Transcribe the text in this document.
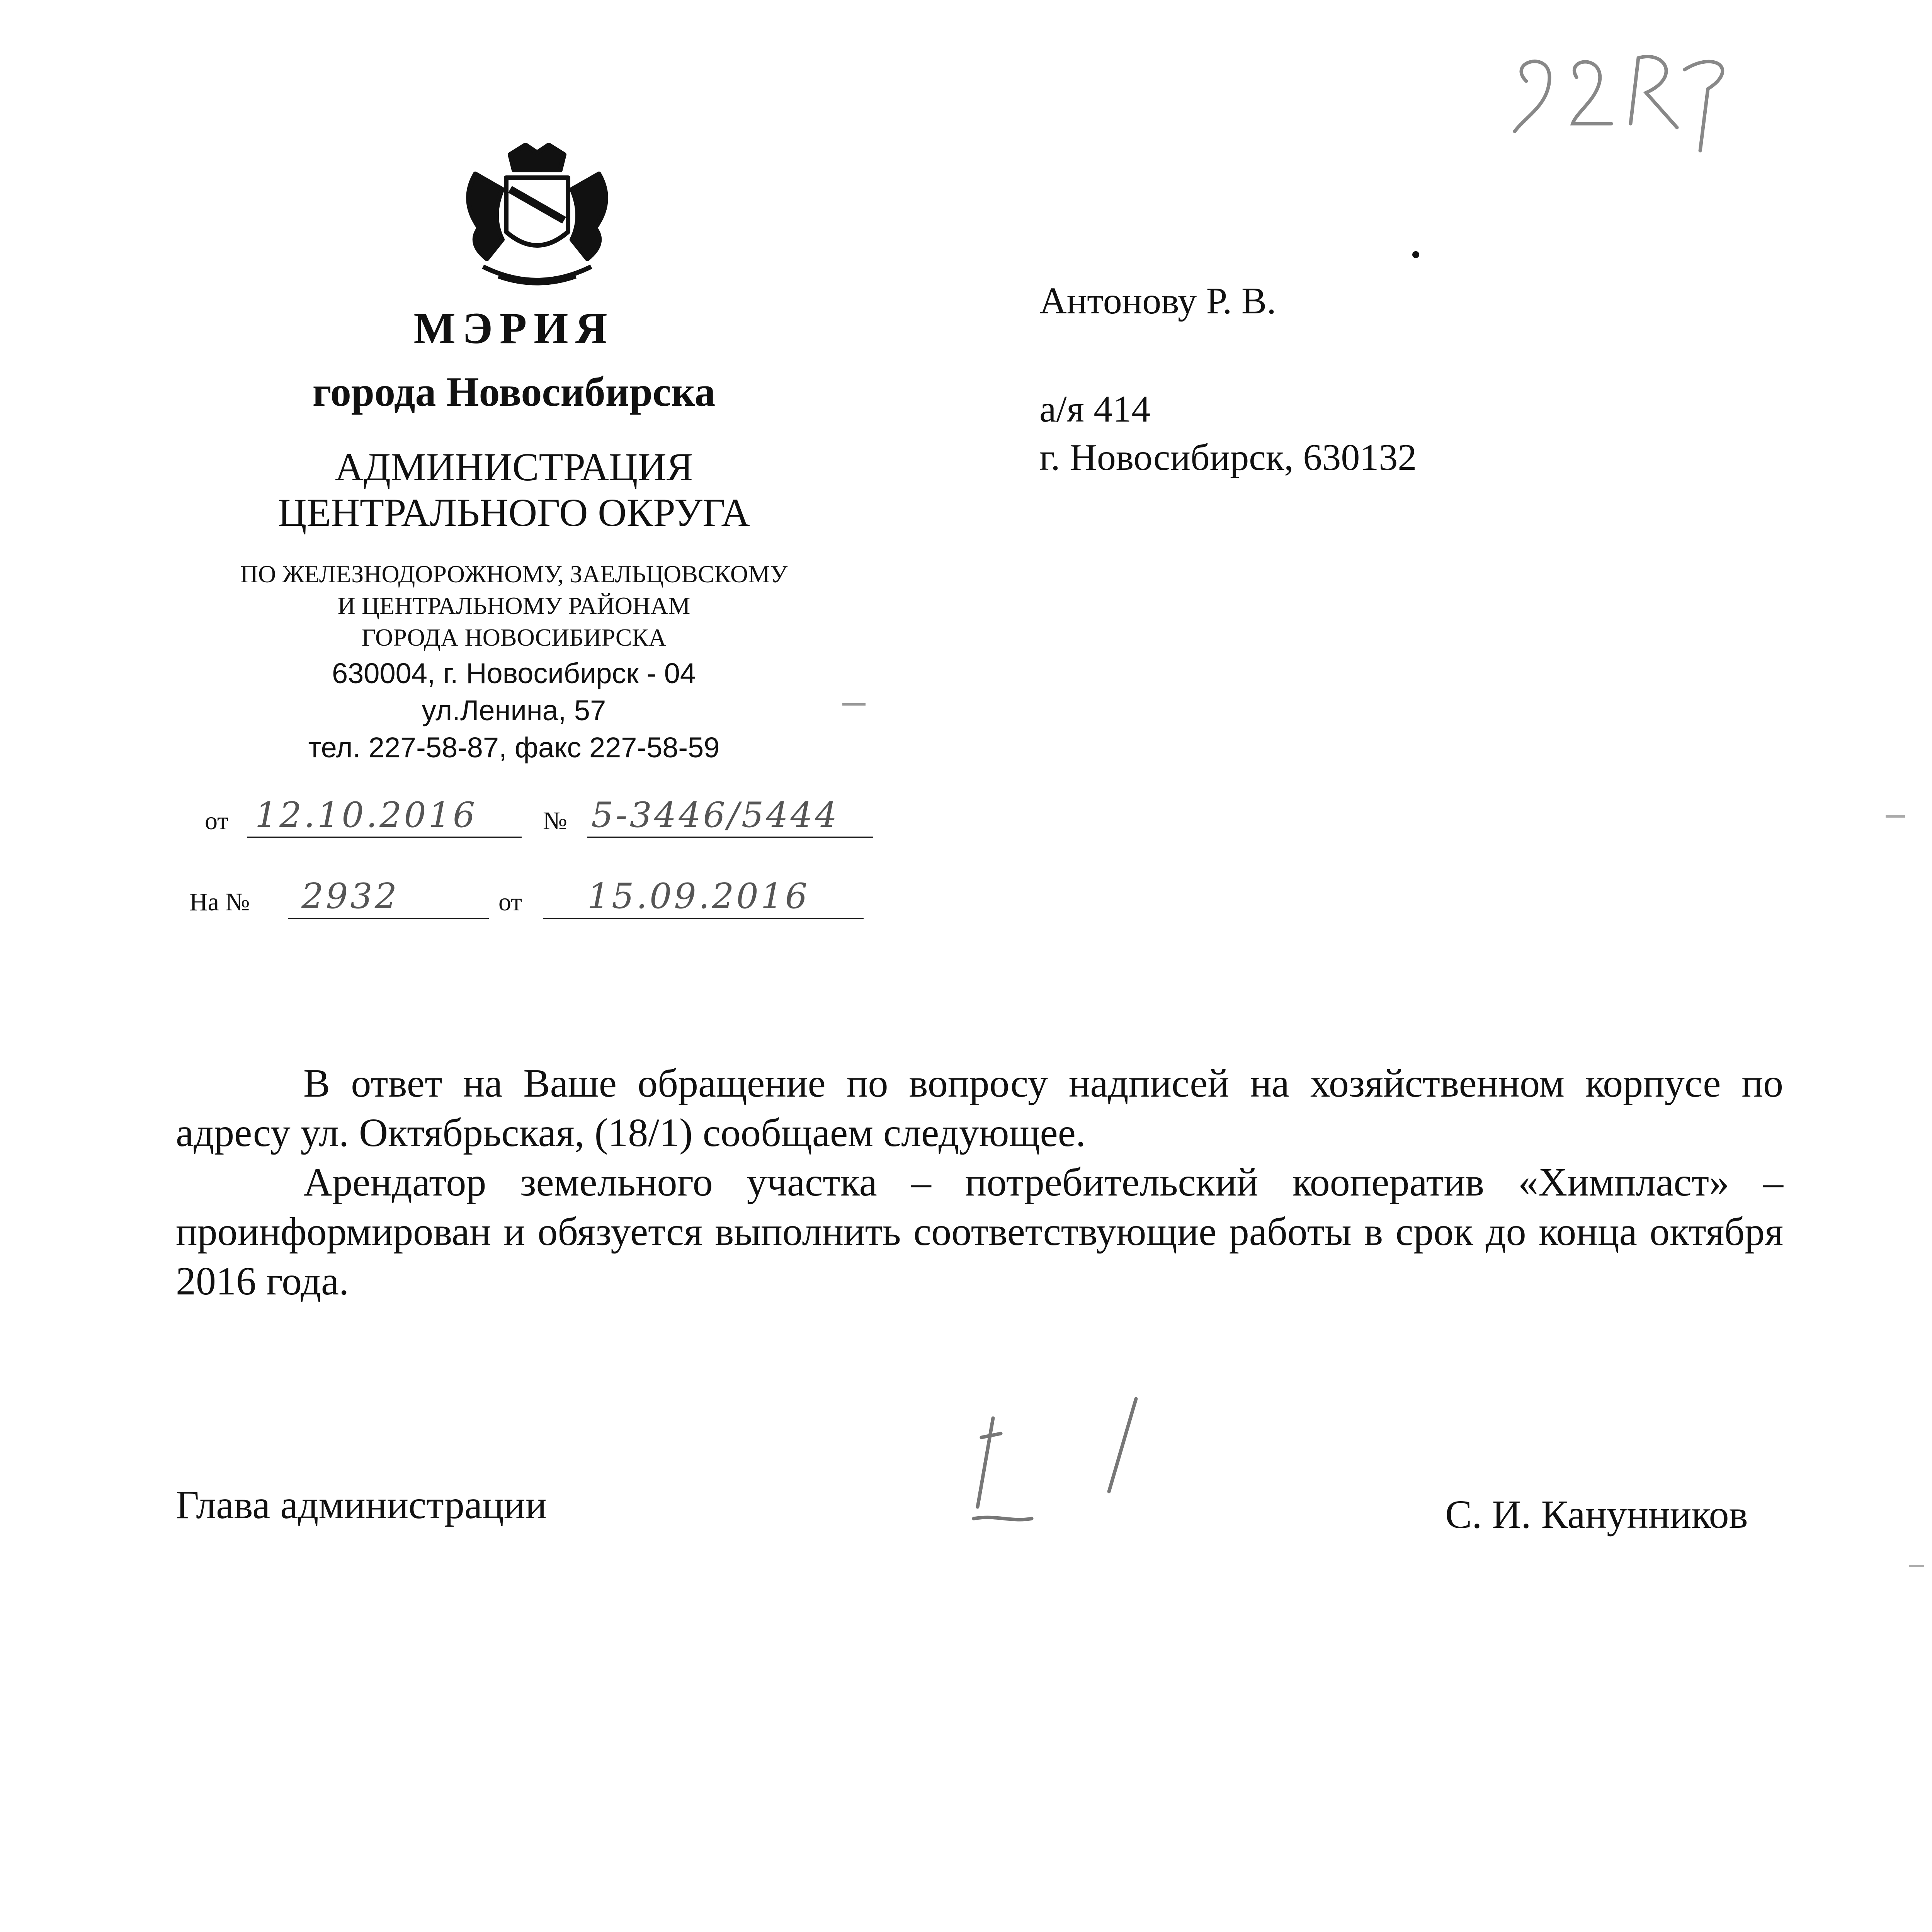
МЭРИЯ
города Новосибирска
АДМИНИСТРАЦИЯ
ЦЕНТРАЛЬНОГО ОКРУГА
ПО ЖЕЛЕЗНОДОРОЖНОМУ, ЗАЕЛЬЦОВСКОМУ
И ЦЕНТРАЛЬНОМУ РАЙОНАМ
ГОРОДА НОВОСИБИРСКА
630004, г. Новосибирск - 04
ул.Ленина, 57
тел. 227-58-87, факс 227-58-59
от 12.10.2016	№ 5-3446/5444
На № 2932	от 15.09.2016
Антонову Р. В.
а/я 414
г. Новосибирск, 630132

В ответ на Ваше обращение по вопросу надписей на хозяйственном корпусе по адресу ул. Октябрьская, (18/1) сообщаем следующее.

Арендатор земельного участка – потребительский кооператив «Химпласт» – проинформирован и обязуется выполнить соответствующие работы в срок до конца октября 2016 года.

Глава администрации	С. И. Канунников
